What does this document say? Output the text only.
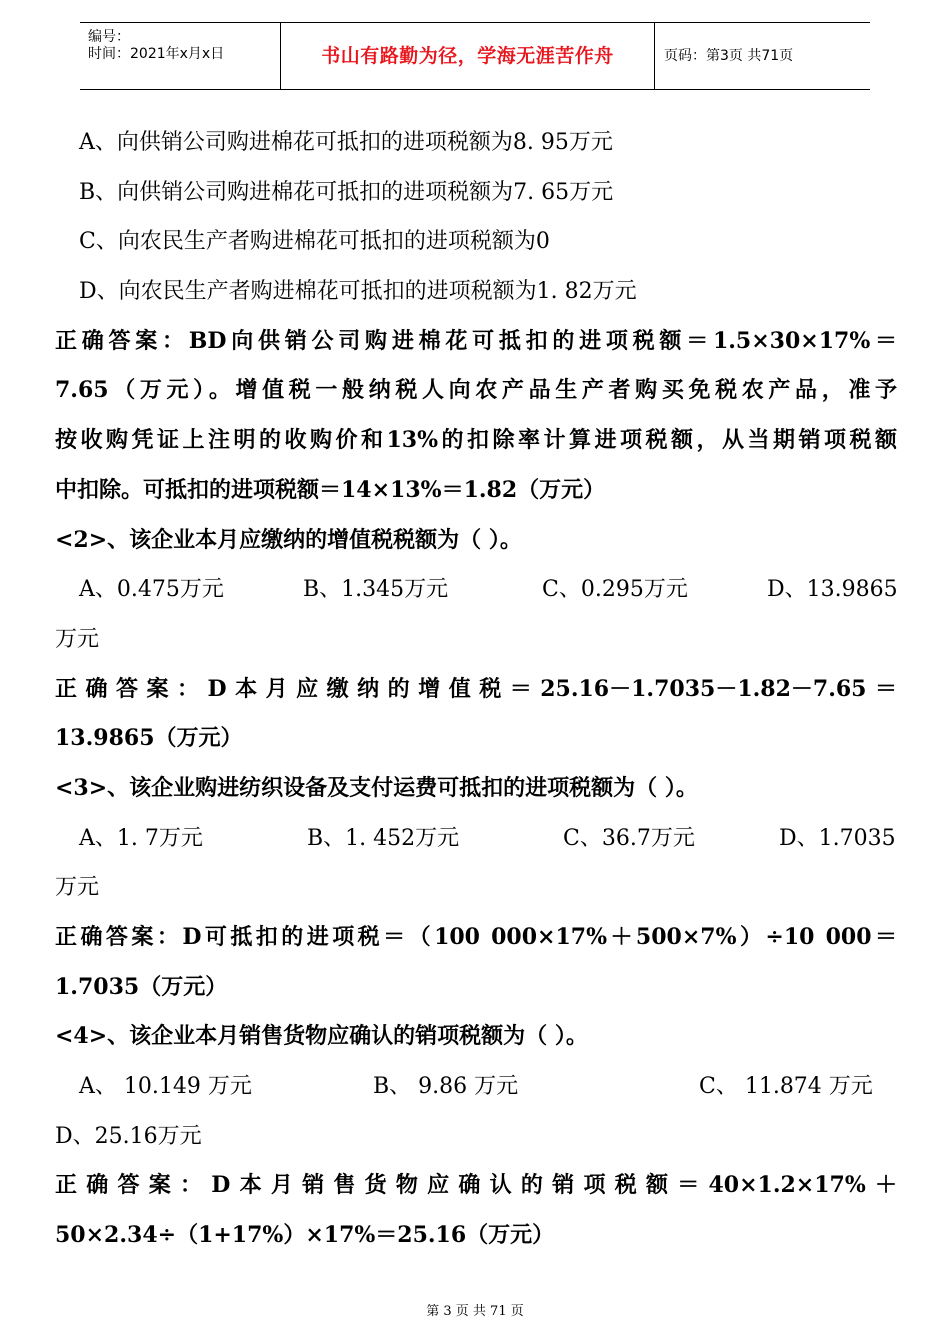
编号：
时间：2021年x月x日	书山有路勤为径，学海无涯苦作舟	页码：第3页 共71页
A、向供销公司购进棉花可抵扣的进项税额为8. 95万元
B、向供销公司购进棉花可抵扣的进项税额为7. 65万元
C、向农民生产者购进棉花可抵扣的进项税额为0
D、向农民生产者购进棉花可抵扣的进项税额为1. 82万元
正确答案：BD向供销公司购进棉花可抵扣的进项税额＝1.5×30×17%＝
7.65（万元）。增值税一般纳税人向农产品生产者购买免税农产品，准予
按收购凭证上注明的收购价和13%的扣除率计算进项税额，从当期销项税额
中扣除。可抵扣的进项税额＝14×13%＝1.82（万元）
<2>、该企业本月应缴纳的增值税税额为（ ）。
A、0.475万元	B、1.345万元	C、0.295万元	D、13.9865
万元
正确答案：D本月应缴纳的增值税＝25.16－1.7035－1.82－7.65＝
13.9865（万元）
<3>、该企业购进纺织设备及支付运费可抵扣的进项税额为（ ）。
A、1. 7万元	B、1. 452万元	C、36.7万元	D、1.7035
万元
正确答案：D可抵扣的进项税＝（100 000×17%＋500×7%）÷10 000＝
1.7035（万元）
<4>、该企业本月销售货物应确认的销项税额为（ ）。
A、 10.149 万元	B、 9.86 万元	C、 11.874 万元
D、25.16万元
正确答案：D本月销售货物应确认的销项税额＝40×1.2×17%＋
50×2.34÷（1+17%）×17%＝25.16（万元）
第 3 页 共 71 页
